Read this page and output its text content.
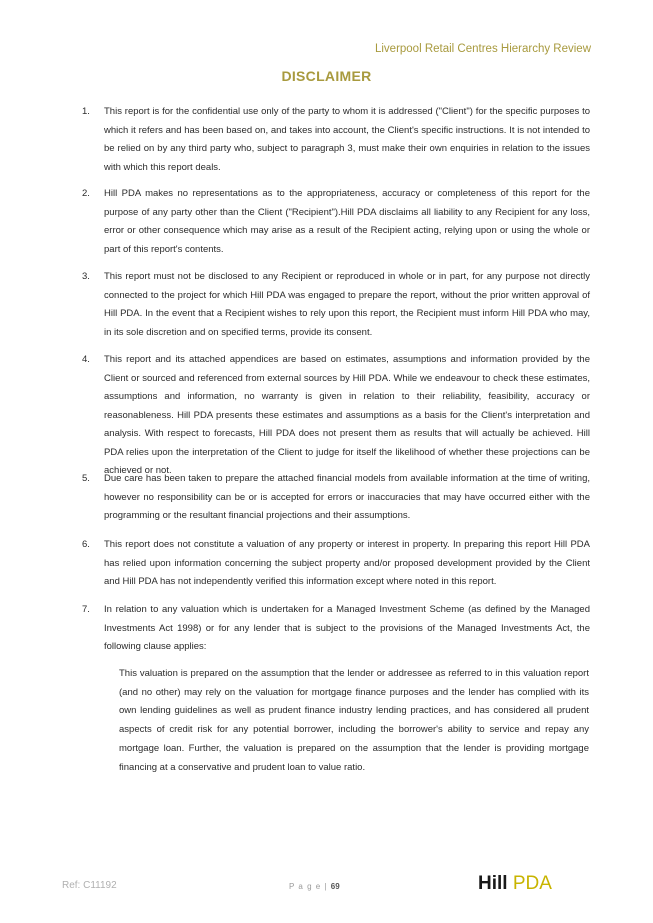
Liverpool Retail Centres Hierarchy Review
DISCLAIMER
1. This report is for the confidential use only of the party to whom it is addressed ("Client") for the specific purposes to which it refers and has been based on, and takes into account, the Client's specific instructions. It is not intended to be relied on by any third party who, subject to paragraph 3, must make their own enquiries in relation to the issues with which this report deals.
2. Hill PDA makes no representations as to the appropriateness, accuracy or completeness of this report for the purpose of any party other than the Client ("Recipient").Hill PDA disclaims all liability to any Recipient for any loss, error or other consequence which may arise as a result of the Recipient acting, relying upon or using the whole or part of this report's contents.
3. This report must not be disclosed to any Recipient or reproduced in whole or in part, for any purpose not directly connected to the project for which Hill PDA was engaged to prepare the report, without the prior written approval of Hill PDA. In the event that a Recipient wishes to rely upon this report, the Recipient must inform Hill PDA who may, in its sole discretion and on specified terms, provide its consent.
4. This report and its attached appendices are based on estimates, assumptions and information provided by the Client or sourced and referenced from external sources by Hill PDA. While we endeavour to check these estimates, assumptions and information, no warranty is given in relation to their reliability, feasibility, accuracy or reasonableness. Hill PDA presents these estimates and assumptions as a basis for the Client's interpretation and analysis. With respect to forecasts, Hill PDA does not present them as results that will actually be achieved. Hill PDA relies upon the interpretation of the Client to judge for itself the likelihood of whether these projections can be achieved or not.
5. Due care has been taken to prepare the attached financial models from available information at the time of writing, however no responsibility can be or is accepted for errors or inaccuracies that may have occurred either with the programming or the resultant financial projections and their assumptions.
6. This report does not constitute a valuation of any property or interest in property. In preparing this report Hill PDA has relied upon information concerning the subject property and/or proposed development provided by the Client and Hill PDA has not independently verified this information except where noted in this report.
7. In relation to any valuation which is undertaken for a Managed Investment Scheme (as defined by the Managed Investments Act 1998) or for any lender that is subject to the provisions of the Managed Investments Act, the following clause applies:
This valuation is prepared on the assumption that the lender or addressee as referred to in this valuation report (and no other) may rely on the valuation for mortgage finance purposes and the lender has complied with its own lending guidelines as well as prudent finance industry lending practices, and has considered all prudent aspects of credit risk for any potential borrower, including the borrower's ability to service and repay any mortgage loan. Further, the valuation is prepared on the assumption that the lender is providing mortgage financing at a conservative and prudent loan to value ratio.
Ref: C11192	P a g e | 69	Hill PDA
